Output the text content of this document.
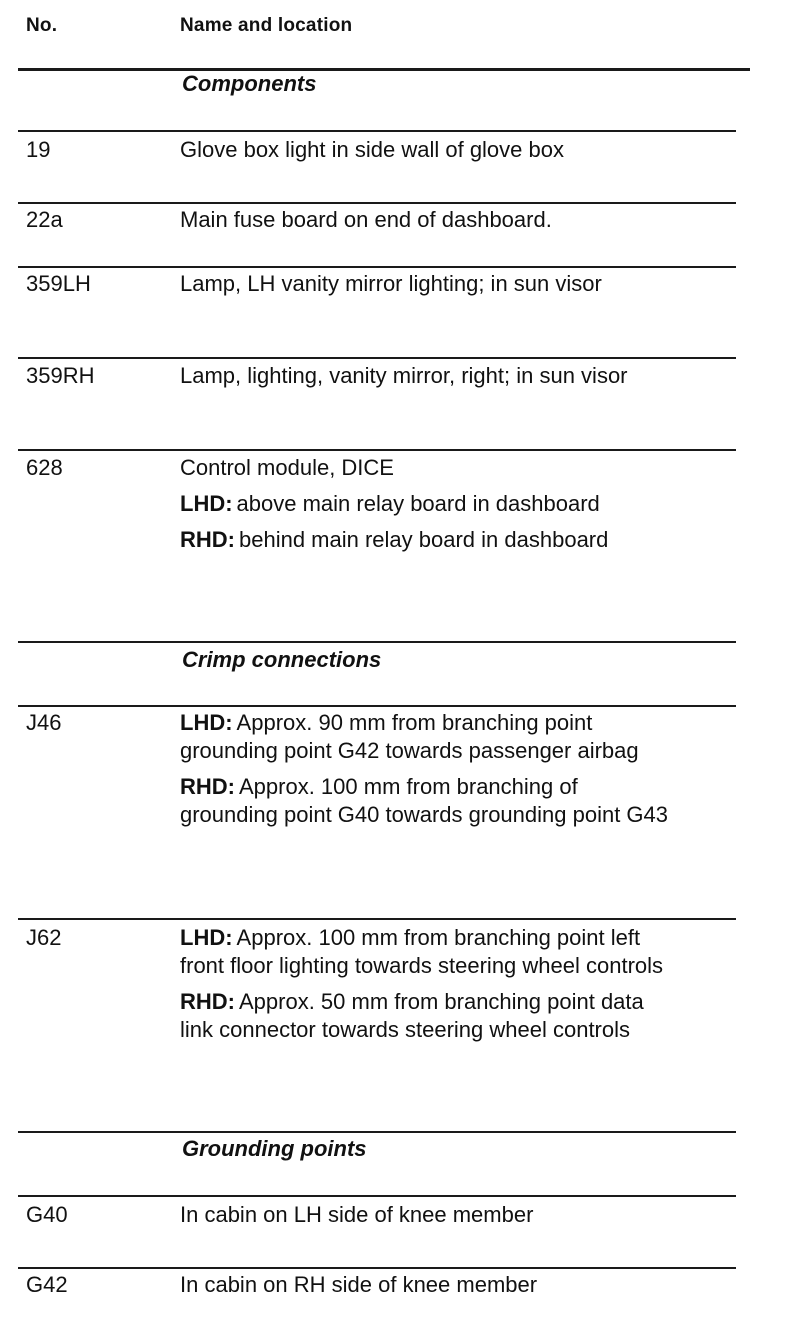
No.	Name and location
Components
19	Glove box light in side wall of glove box
22a	Main fuse board on end of dashboard.
359LH	Lamp, LH vanity mirror lighting; in sun visor
359RH	Lamp, lighting, vanity mirror, right; in sun visor
628	Control module, DICE

LHD: above main relay board in dashboard

RHD: behind main relay board in dashboard

Crimp connections
J46	LHD: Approx. 90 mm from branching point grounding point G42 towards passenger airbag

RHD: Approx. 100 mm from branching of grounding point G40 towards grounding point G43

J62	LHD: Approx. 100 mm from branching point left front floor lighting towards steering wheel controls

RHD: Approx. 50 mm from branching point data link connector towards steering wheel controls

Grounding points
G40	In cabin on LH side of knee member
G42	In cabin on RH side of knee member
